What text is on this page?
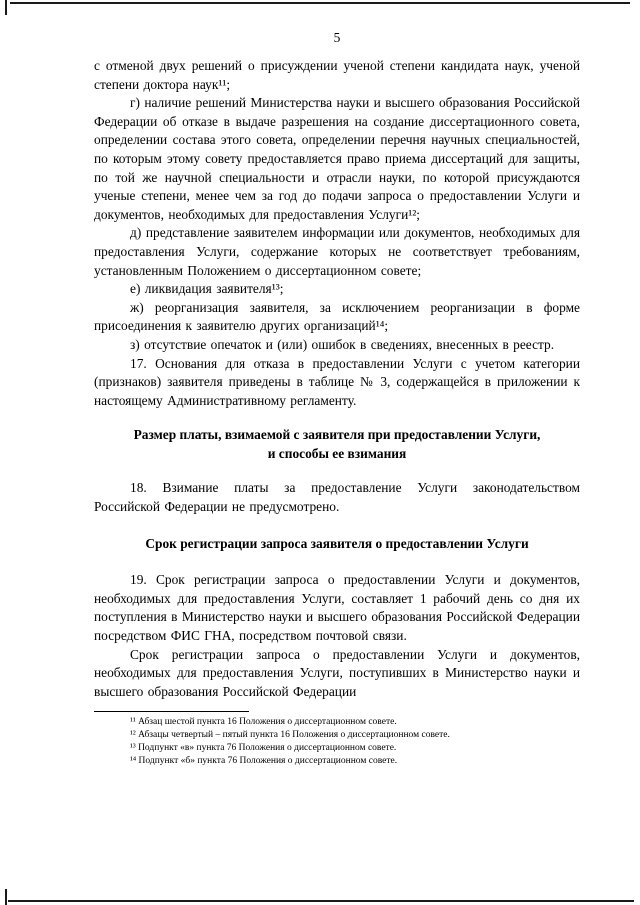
5

с отменой двух решений о присуждении ученой степени кандидата наук, ученой степени доктора наук¹¹;

г) наличие решений Министерства науки и высшего образования Российской Федерации об отказе в выдаче разрешения на создание диссертационного совета, определении состава этого совета, определении перечня научных специальностей, по которым этому совету предоставляется право приема диссертаций для защиты, по той же научной специальности и отрасли науки, по которой присуждаются ученые степени, менее чем за год до подачи запроса о предоставлении Услуги и документов, необходимых для предоставления Услуги¹²;

д) представление заявителем информации или документов, необходимых для предоставления Услуги, содержание которых не соответствует требованиям, установленным Положением о диссертационном совете;

е) ликвидация заявителя¹³;

ж) реорганизация заявителя, за исключением реорганизации в форме присоединения к заявителю других организаций¹⁴;

з) отсутствие опечаток и (или) ошибок в сведениях, внесенных в реестр.

17. Основания для отказа в предоставлении Услуги с учетом категории (признаков) заявителя приведены в таблице № 3, содержащейся в приложении к настоящему Административному регламенту.

Размер платы, взимаемой с заявителя при предоставлении Услуги,
и способы ее взимания

18. Взимание платы за предоставление Услуги законодательством Российской Федерации не предусмотрено.

Срок регистрации запроса заявителя о предоставлении Услуги

19. Срок регистрации запроса о предоставлении Услуги и документов, необходимых для предоставления Услуги, составляет 1 рабочий день со дня их поступления в Министерство науки и высшего образования Российской Федерации посредством ФИС ГНА, посредством почтовой связи.

Срок регистрации запроса о предоставлении Услуги и документов, необходимых для предоставления Услуги, поступивших в Министерство науки и высшего образования Российской Федерации

¹¹ Абзац шестой пункта 16 Положения о диссертационном совете.
¹² Абзацы четвертый – пятый пункта 16 Положения о диссертационном совете.
¹³ Подпункт «в» пункта 76 Положения о диссертационном совете.
¹⁴ Подпункт «б» пункта 76 Положения о диссертационном совете.
